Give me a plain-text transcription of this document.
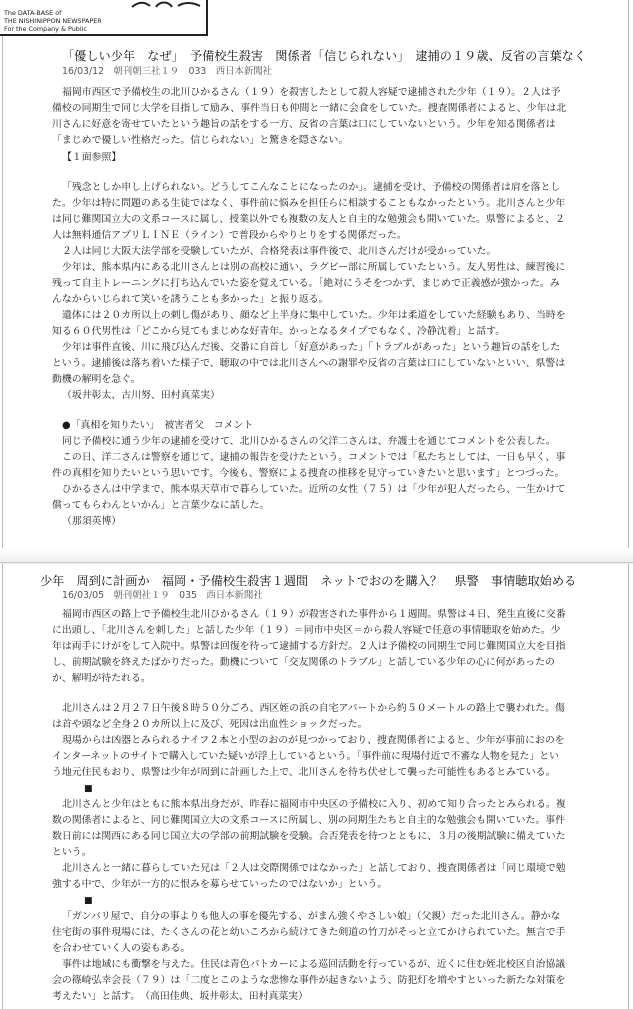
The DATA-BASE of
THE NISHINIPPON NEWSPAPER
For the Company & Public
「優しい少年　なぜ」　予備校生殺害　関係者「信じられない」　逮捕の１９歳、反省の言葉なく
16/03/12　朝刊朝三社１９　033　西日本新聞社
福岡市西区で予備校生の北川ひかるさん（１９）を殺害したとして殺人容疑で逮捕された少年（１９）。２人は予
備校の同期生で同じ大学を目指して励み、事件当日も仲間と一緒に会食をしていた。捜査関係者によると、少年は北
川さんに好意を寄せていたという趣旨の話をする一方、反省の言葉は口にしていないという。少年を知る関係者は
「まじめで優しい性格だった。信じられない」と驚きを隠さない。
【１面参照】
「残念としか申し上げられない。どうしてこんなことになったのか」。逮捕を受け、予備校の関係者は肩を落とし
た。少年は特に問題のある生徒ではなく、事件前に悩みを担任らに相談することもなかったという。北川さんと少年
は同じ難関国立大の文系コースに属し、授業以外でも複数の友人と自主的な勉強会も開いていた。県警によると、２
人は無料通信アプリＬＩＮＥ（ライン）で普段からやりとりをする関係だった。
２人は同じ大阪大法学部を受験していたが、合格発表は事件後で、北川さんだけが受かっていた。
少年は、熊本県内にある北川さんとは別の高校に通い、ラグビー部に所属していたという。友人男性は、練習後に
残って自主トレーニングに打ち込んでいた姿を覚えている。「絶対にうそをつかず、まじめで正義感が強かった。み
んなからいじられて笑いを誘うことも多かった」と振り返る。
遺体には２０カ所以上の刺し傷があり、顔など上半身に集中していた。少年は柔道をしていた経験もあり、当時を
知る６０代男性は「どこから見てもまじめな好青年。かっとなるタイプでもなく、冷静沈着」と話す。
少年は事件直後、川に飛び込んだ後、交番に自首し「好意があった」「トラブルがあった」という趣旨の話をした
という。逮捕後は落ち着いた様子で、聴取の中では北川さんへの謝罪や反省の言葉は口にしていないといい、県警は
動機の解明を急ぐ。
（坂井彰太、古川努、田村真菜実）
●「真相を知りたい」　被害者父　コメント
同じ予備校に通う少年の逮捕を受けて、北川ひかるさんの父洋二さんは、弁護士を通じてコメントを公表した。
この日、洋二さんは警察を通じて、逮捕の報告を受けたという。コメントでは「私たちとしては、一日も早く、事
件の真相を知りたいという思いです。今後も、警察による捜査の推移を見守っていきたいと思います」とつづった。
ひかるさんは中学まで、熊本県天草市で暮らしていた。近所の女性（７５）は「少年が犯人だったら、一生かけて
償ってもらわんといかん」と言葉少なに話した。
（那須英博）
少年　周到に計画か　福岡・予備校生殺害１週間　ネットでおのを購入？　県警　事情聴取始める
16/03/05　朝刊朝社１９　035　西日本新聞社
福岡市西区の路上で予備校生北川ひかるさん（１９）が殺害された事件から１週間。県警は４日、発生直後に交番
に出頭し、「北川さんを刺した」と話した少年（１９）＝同市中央区＝から殺人容疑で任意の事情聴取を始めた。少
年は両手にけがをして入院中。県警は回復を待って逮捕する方針だ。２人は予備校の同期生で同じ難関国立大を目指
し、前期試験を終えたばかりだった。動機について「交友関係のトラブル」と話している少年の心に何があったの
か、解明が待たれる。
北川さんは２月２７日午後８時５０分ごろ、西区姪の浜の自宅アパートから約５０メートルの路上で襲われた。傷
は首や頭など全身２０カ所以上に及び、死因は出血性ショックだった。
現場からは凶器とみられるナイフ２本と小型のおのが見つかっており、捜査関係者によると、少年が事前におのを
インターネットのサイトで購入していた疑いが浮上しているという。「事件前に現場付近で不審な人物を見た」とい
う地元住民もおり、県警は少年が周到に計画した上で、北川さんを待ち伏せして襲った可能性もあるとみている。
■
北川さんと少年はともに熊本県出身だが、昨春に福岡市中央区の予備校に入り、初めて知り合ったとみられる。複
数の関係者によると、同じ難関国立大の文系コースに所属し、別の同期生たちと自主的な勉強会も開いていた。事件
数日前には関西にある同じ国立大の学部の前期試験を受験。合否発表を待つとともに、３月の後期試験に備えていた
という。
北川さんと一緒に暮らしていた兄は「２人は交際関係ではなかった」と話しており、捜査関係者は「同じ環境で勉
強する中で、少年が一方的に恨みを募らせていったのではないか」という。
■
「ガンバリ屋で、自分の事よりも他人の事を優先する、がまん強くやさしい娘」（父親）だった北川さん。静かな
住宅街の事件現場には、たくさんの花と幼いころから続けてきた剣道の竹刀がそっと立てかけられていた。無言で手
を合わせていく人の姿もある。
事件は地域にも衝撃を与えた。住民は青色パトカーによる巡回活動を行っているが、近くに住む姪北校区自治協議
会の篠崎弘幸会長（７９）は「二度とこのような悲惨な事件が起きないよう、防犯灯を増やすといった新たな対策を
考えたい」と話す。　（高田佳典、坂井彰太、田村真菜実）
